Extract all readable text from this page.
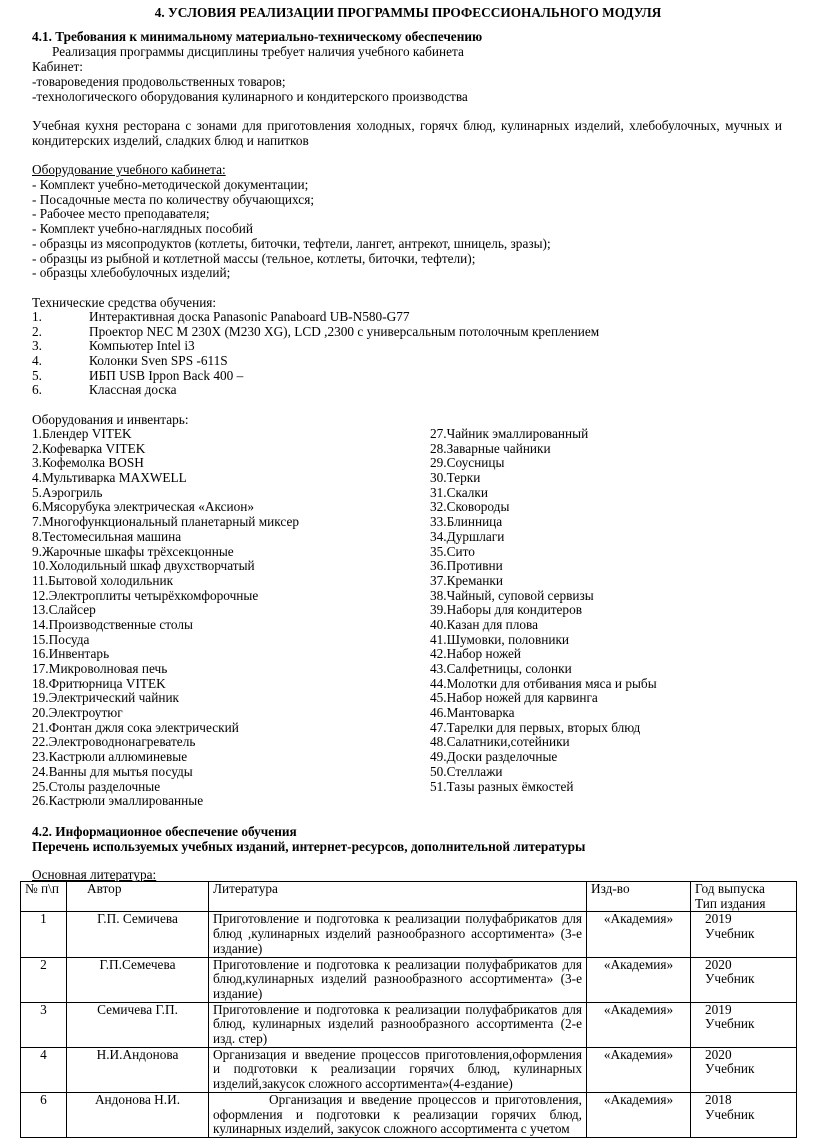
4. УСЛОВИЯ РЕАЛИЗАЦИИ ПРОГРАММЫ ПРОФЕССИОНАЛЬНОГО МОДУЛЯ
4.1. Требования к минимальному материально-техническому обеспечению
Реализация программы дисциплины требует наличия учебного кабинета
Кабинет:
-товароведения продовольственных товаров;
-технологического оборудования кулинарного и кондитерского производства
Учебная кухня ресторана с зонами для приготовления холодных, горячх блюд, кулинарных изделий, хлебобулочных, мучных и кондитерских изделий, сладких блюд и напитков
Оборудование учебного кабинета:
- Комплект учебно-методической документации;
- Посадочные места по количеству обучающихся;
- Рабочее место преподавателя;
- Комплект учебно-наглядных пособий
- образцы из мясопродуктов (котлеты, биточки, тефтели, лангет, антрекот, шницель, зразы);
- образцы из рыбной и котлетной массы (тельное, котлеты, биточки, тефтели);
- образцы хлебобулочных изделий;
Технические средства обучения:
1.	Интерактивная доска Panasonic Panaboard UB-N580-G77
2.	Проектор NEC M 230X (M230 XG), LCD ,2300 с универсальным потолочным креплением
3.	Компьютер Intel i3
4.	Колонки Sven SPS -611S
5.	ИБП USB Ippon Back 400 –
6.	Классная доска
Оборудования и инвентарь:
1.Блендер VITEK
2.Кофеварка VITEK
3.Кофемолка BOSH
4.Мультиварка MAXWELL
5.Аэрогриль
6.Мясорубука электрическая «Аксион»
7.Многофункциональный планетарный миксер
8.Тестомесильная машина
9.Жарочные шкафы трёхсекцонные
10.Холодильный шкаф двухстворчатый
11.Бытовой холодильник
12.Электроплиты четырёхкомфорочные
13.Слайсер
14.Производственные столы
15.Посуда
16.Инвентарь
17.Микроволновая печь
18.Фритюрница VITEK
19.Электрический чайник
20.Электроутюг
21.Фонтан джля сока электрический
22.Электроводнонагреватель
23.Кастрюли аллюминевые
24.Ванны для мытья посуды
25.Столы разделочные
26.Кастрюли эмаллированные
27.Чайник эмаллированный
28.Заварные чайники
29.Соусницы
30.Терки
31.Скалки
32.Сковороды
33.Блинница
34.Дуршлаги
35.Сито
36.Противни
37.Креманки
38.Чайный, суповой сервизы
39.Наборы для кондитеров
40.Казан для плова
41.Шумовки, половники
42.Набор ножей
43.Салфетницы, солонки
44.Молотки для отбивания мяса и рыбы
45.Набор ножей для карвинга
46.Мантоварка
47.Тарелки для первых, вторых блюд
48.Салатники,сотейники
49.Доски разделочные
50.Стеллажи
51.Тазы разных ёмкостей
4.2. Информационное обеспечение обучения
Перечень используемых учебных изданий, интернет-ресурсов, дополнительной литературы
Основная литература:
№ п\п	Автор	Литература	Изд-во	Год выпуска
Тип издания

1	Г.П. Семичева	Приготовление и подготовка к реализации полуфабрикатов для блюд ,кулинарных изделий разнообразного ассортимента» (3-е издание)	«Академия»	2019
Учебник

2	Г.П.Семечева	Приготовление и подготовка к реализации полуфабрикатов для блюд,кулинарных изделий разнообразного ассортимента» (3-е издание)	«Академия»	2020
Учебник

3	Семичева Г.П.	Приготовление и подготовка к реализации полуфабрикатов для блюд, кулинарных изделий разнообразного ассортимента (2-е изд. стер)	«Академия»	2019
Учебник

4	Н.И.Андонова	Организация и введение процессов приготовления,оформления и подготовки к реализации горячих блюд, кулинарных изделий,закусок сложного ассортимента»(4-ездание)	«Академия»	2020
Учебник

6	Андонова Н.И.	Организация и введение процессов и приготовления, оформления и подготовки к реализации горячих блюд, кулинарных изделий, закусок сложного ассортимента с учетом	«Академия»	2018
Учебник
